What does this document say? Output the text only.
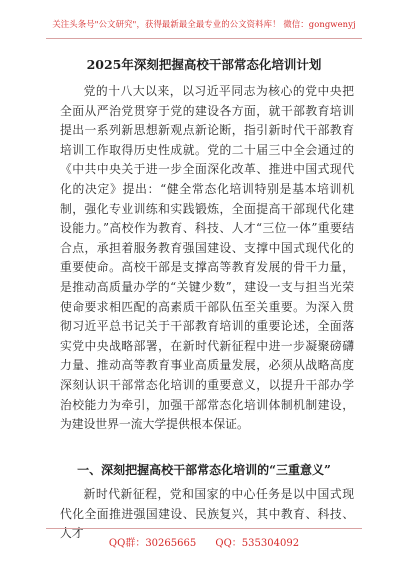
关注头条号"公文研究"，获得最新最全最专业的公文资料库！ 微信：gongwenyj
2025年深刻把握高校干部常态化培训计划

党的十八大以来，以习近平同志为核心的党中央把全面从严治党贯穿于党的建设各方面，就干部教育培训提出一系列新思想新观点新论断，指引新时代干部教育培训工作取得历史性成就。党的二十届三中全会通过的《中共中央关于进一步全面深化改革、推进中国式现代化的决定》提出：“健全常态化培训特别是基本培训机制，强化专业训练和实践锻炼，全面提高干部现代化建设能力。”高校作为教育、科技、人才“三位一体”重要结合点，承担着服务教育强国建设、支撑中国式现代化的重要使命。高校干部是支撑高等教育发展的骨干力量，是推动高质量办学的“关键少数”，建设一支与担当光荣使命要求相匹配的高素质干部队伍至关重要。为深入贯彻习近平总书记关于干部教育培训的重要论述，全面落实党中央战略部署，在新时代新征程中进一步凝聚磅礴力量、推动高等教育事业高质量发展，必须从战略高度深刻认识干部常态化培训的重要意义，以提升干部办学治校能力为牵引，加强干部常态化培训体制机制建设，为建设世界一流大学提供根本保证。

一、深刻把握高校干部常态化培训的“三重意义”

新时代新征程，党和国家的中心任务是以中国式现代化全面推进强国建设、民族复兴，其中教育、科技、人才

QQ群：30265665 QQ：535304092
